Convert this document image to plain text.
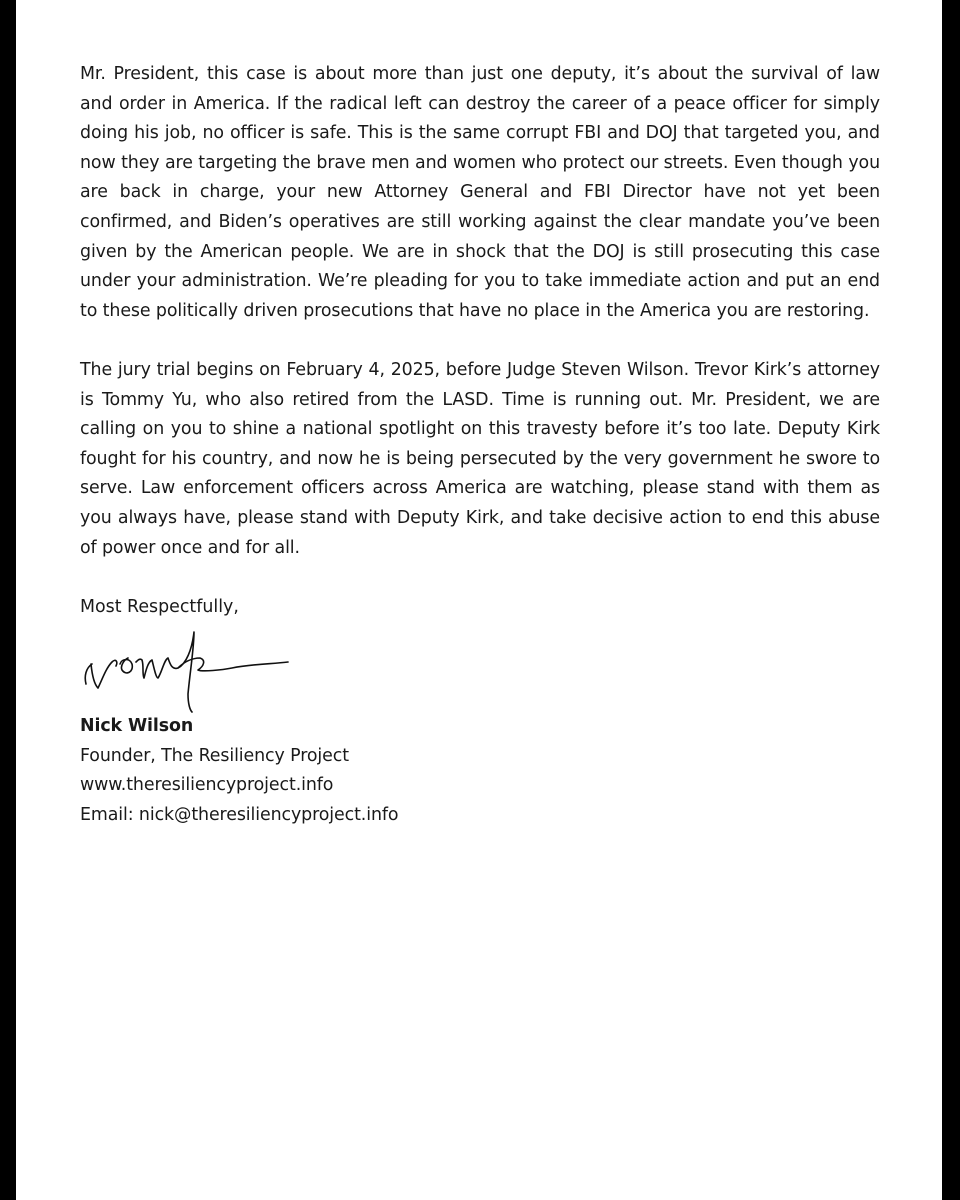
Mr. President, this case is about more than just one deputy, it’s about the survival of law and order in America. If the radical left can destroy the career of a peace officer for simply doing his job, no officer is safe. This is the same corrupt FBI and DOJ that targeted you, and now they are targeting the brave men and women who protect our streets. Even though you are back in charge, your new Attorney General and FBI Director have not yet been confirmed, and Biden’s operatives are still working against the clear mandate you’ve been given by the American people. We are in shock that the DOJ is still prosecuting this case under your administration. We’re pleading for you to take immediate action and put an end to these politically driven prosecutions that have no place in the America you are restoring.

The jury trial begins on February 4, 2025, before Judge Steven Wilson. Trevor Kirk’s attorney is Tommy Yu, who also retired from the LASD. Time is running out. Mr. President, we are calling on you to shine a national spotlight on this travesty before it’s too late. Deputy Kirk fought for his country, and now he is being persecuted by the very government he swore to serve. Law enforcement officers across America are watching, please stand with them as you always have, please stand with Deputy Kirk, and take decisive action to end this abuse of power once and for all.

Most Respectfully,

Nick Wilson
Founder, The Resiliency Project
www.theresiliencyproject.info
Email: nick@theresiliencyproject.info
